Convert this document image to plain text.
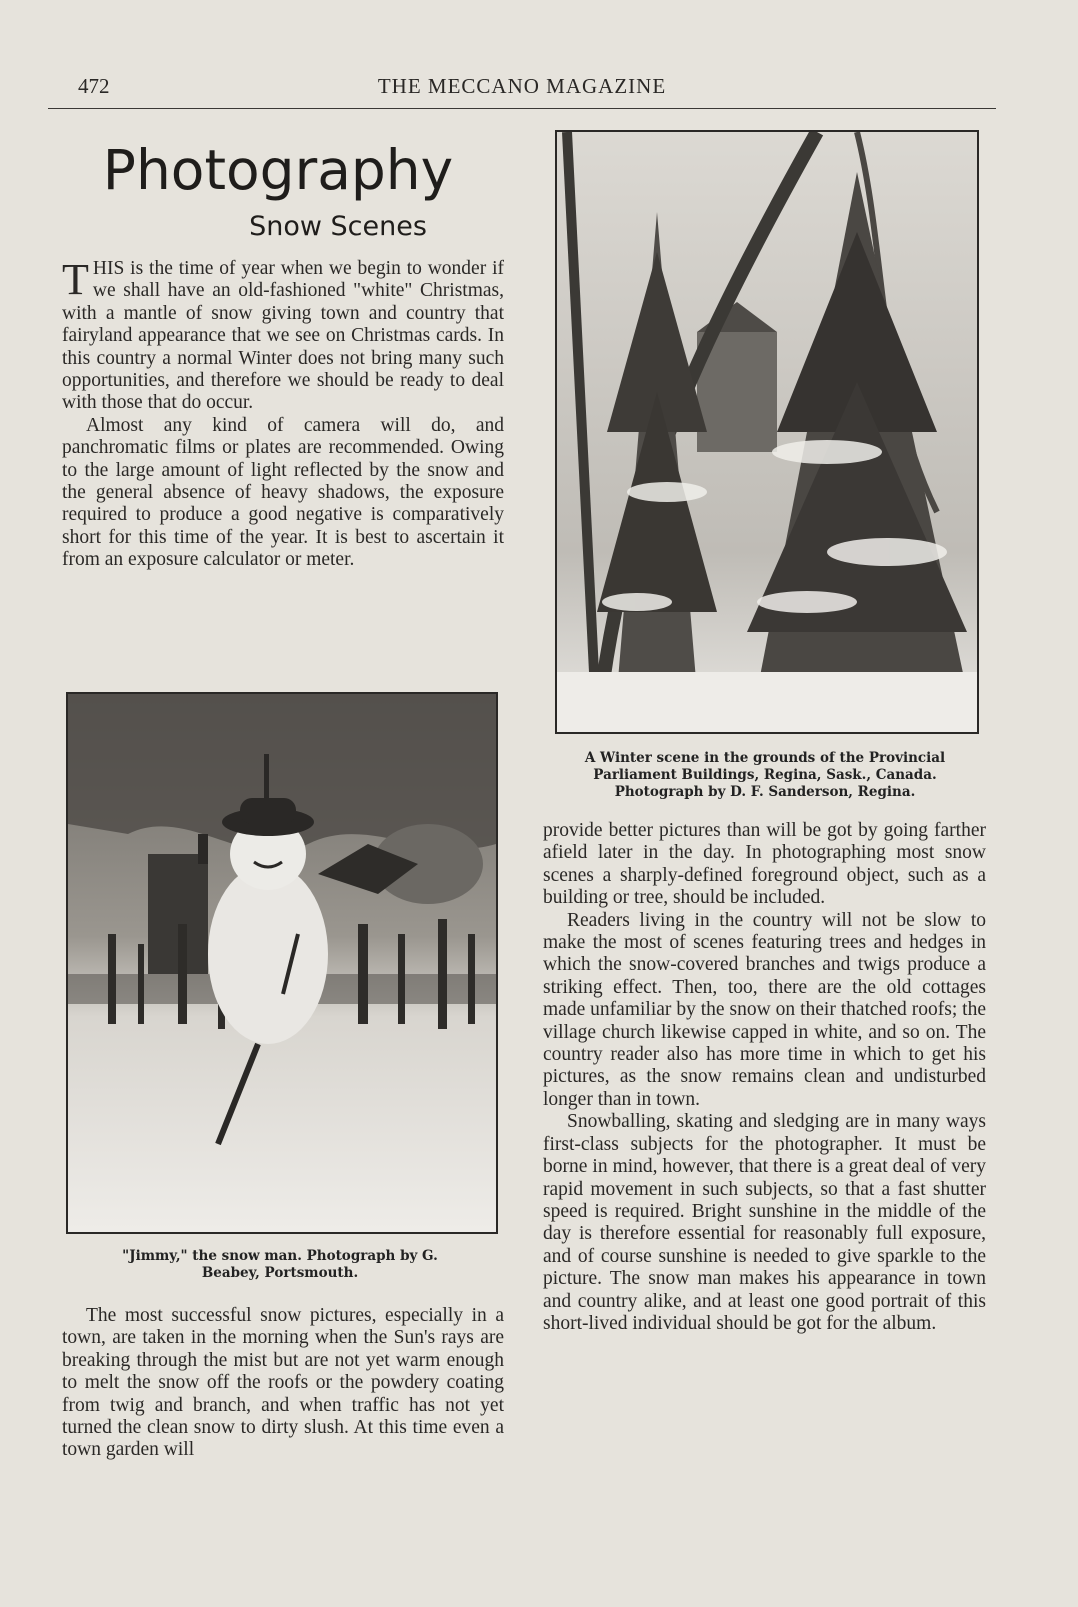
472	THE MECCANO MAGAZINE
Photography
Snow Scenes

THIS is the time of year when we begin to wonder if we shall have an old-fashioned "white" Christmas, with a mantle of snow giving town and country that fairyland appearance that we see on Christmas cards. In this country a normal Winter does not bring many such opportunities, and therefore we should be ready to deal with those that do occur.

Almost any kind of camera will do, and panchromatic films or plates are recommended. Owing to the large amount of light reflected by the snow and the general absence of heavy shadows, the exposure required to produce a good negative is comparatively short for this time of the year. It is best to ascertain it from an exposure calculator or meter.

"Jimmy," the snow man. Photograph by G.
Beabey, Portsmouth.

The most successful snow pictures, especially in a town, are taken in the morning when the Sun's rays are breaking through the mist but are not yet warm enough to melt the snow off the roofs or the powdery coating from twig and branch, and when traffic has not yet turned the clean snow to dirty slush. At this time even a town garden will

A Winter scene in the grounds of the Provincial
Parliament Buildings, Regina, Sask., Canada.
Photograph by D. F. Sanderson, Regina.

provide better pictures than will be got by going farther afield later in the day. In photographing most snow scenes a sharply-defined foreground object, such as a building or tree, should be included.

Readers living in the country will not be slow to make the most of scenes featuring trees and hedges in which the snow-covered branches and twigs produce a striking effect. Then, too, there are the old cottages made unfamiliar by the snow on their thatched roofs; the village church likewise capped in white, and so on. The country reader also has more time in which to get his pictures, as the snow remains clean and undisturbed longer than in town.

Snowballing, skating and sledging are in many ways first-class subjects for the photographer. It must be borne in mind, however, that there is a great deal of very rapid movement in such subjects, so that a fast shutter speed is required. Bright sunshine in the middle of the day is therefore essential for reasonably full exposure, and of course sunshine is needed to give sparkle to the picture. The snow man makes his appearance in town and country alike, and at least one good portrait of this short-lived individual should be got for the album.
